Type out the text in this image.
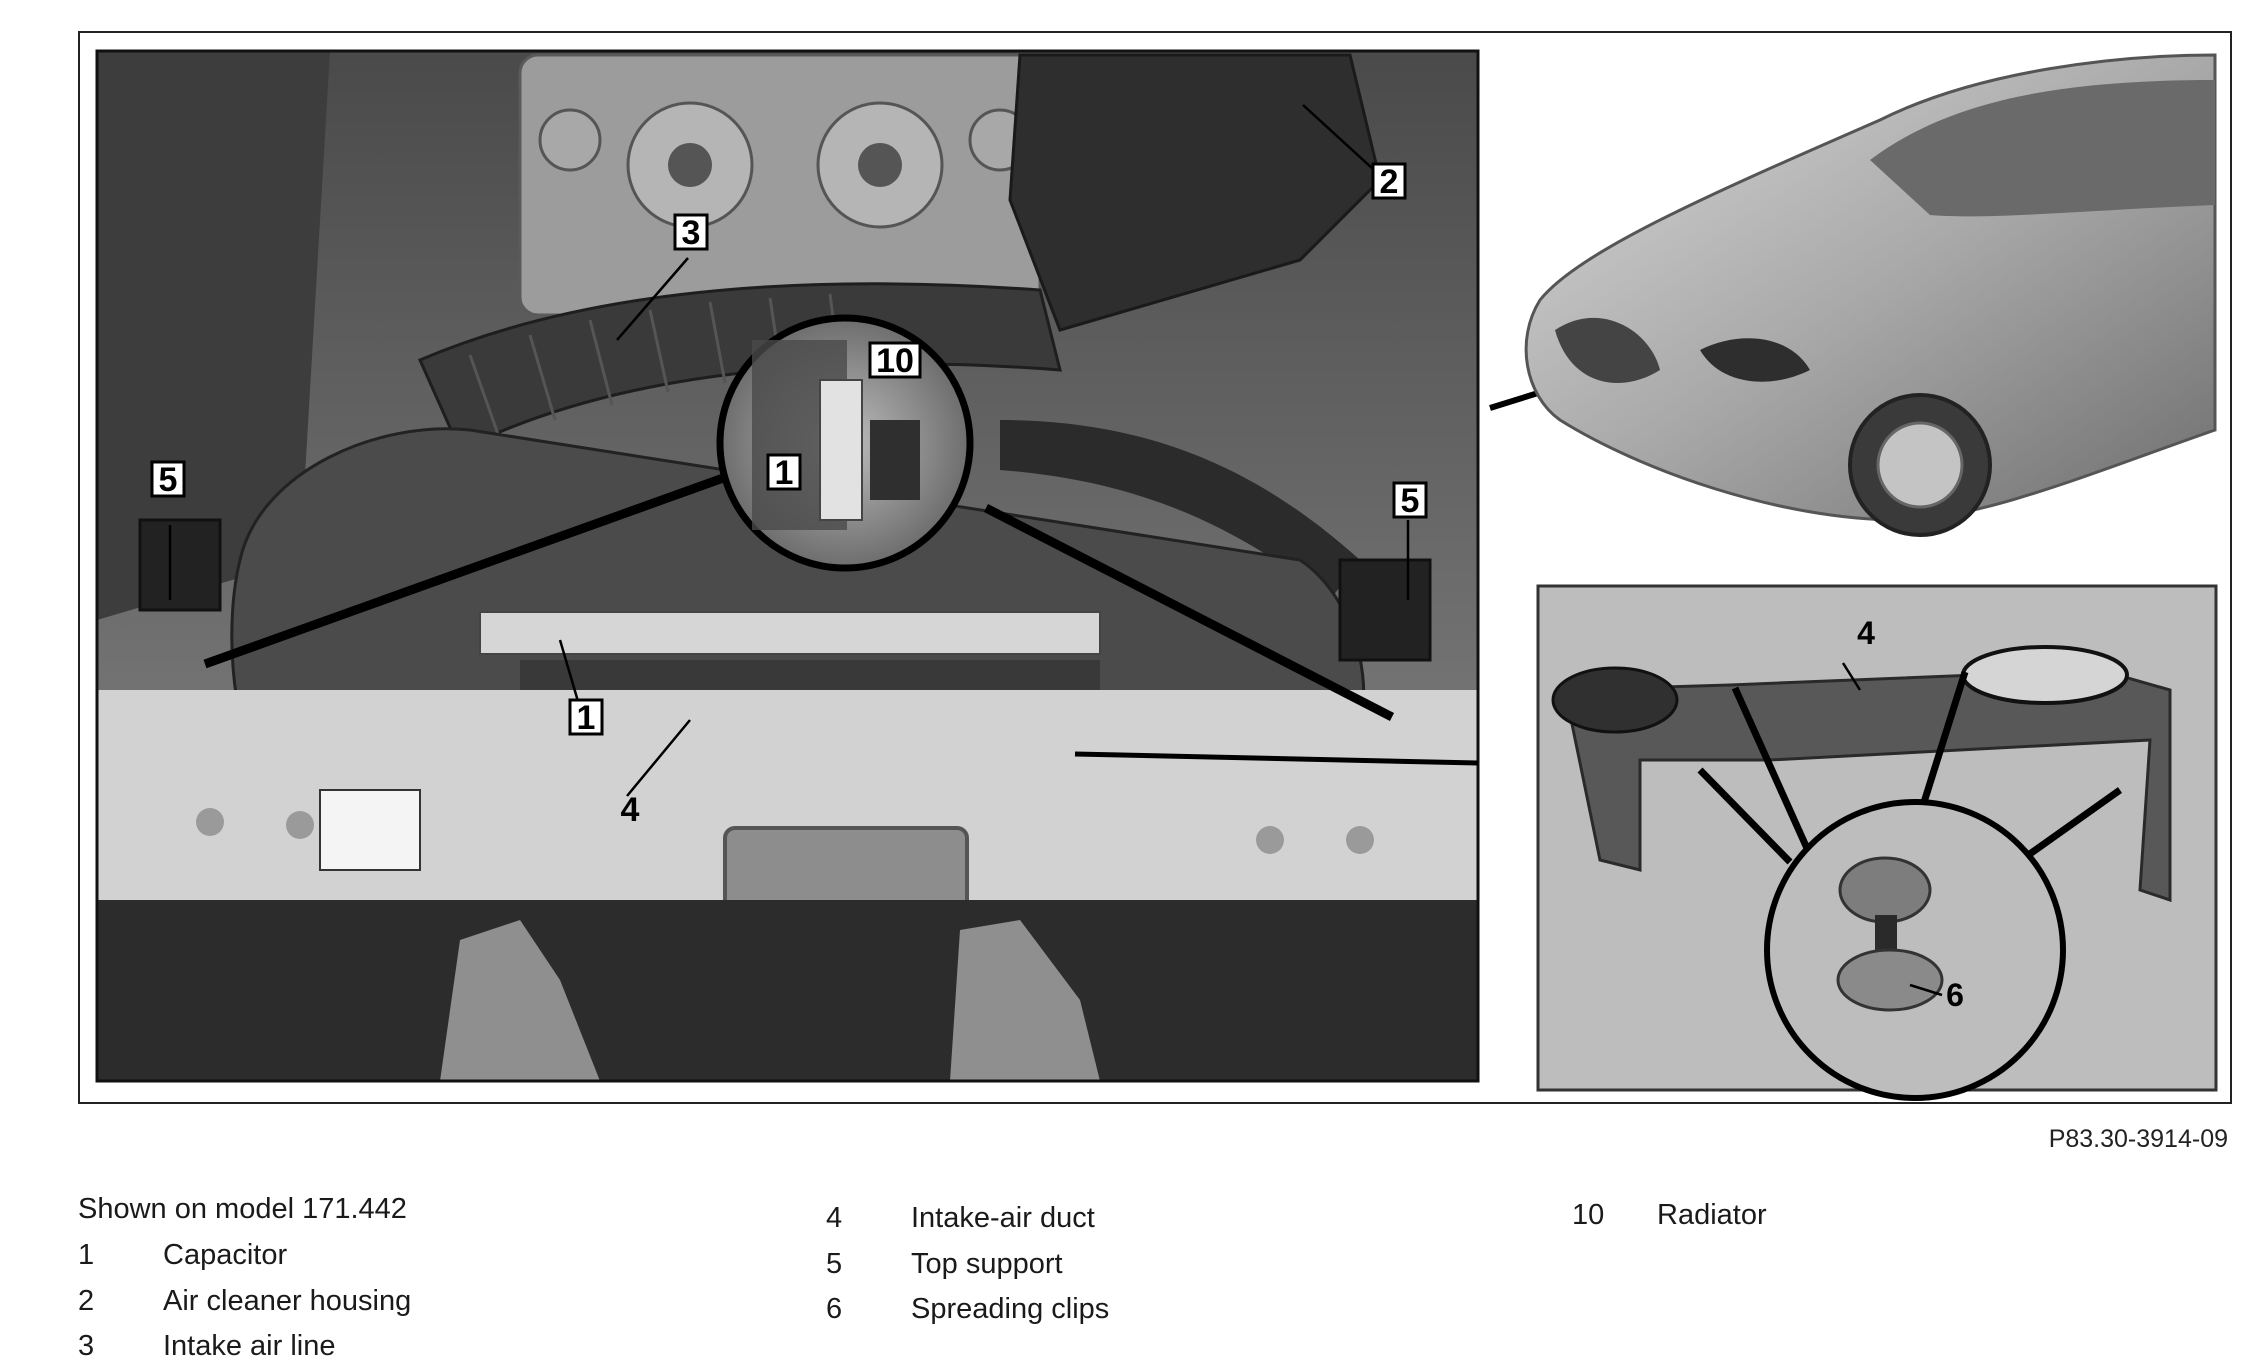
2
3
10
1
1
4
5
5
4
6
P83.30-3914-09
Shown on model 171.442
1	Capacitor
2	Air cleaner housing
3	Intake air line
4	Intake-air duct
5	Top support
6	Spreading clips
10	Radiator
